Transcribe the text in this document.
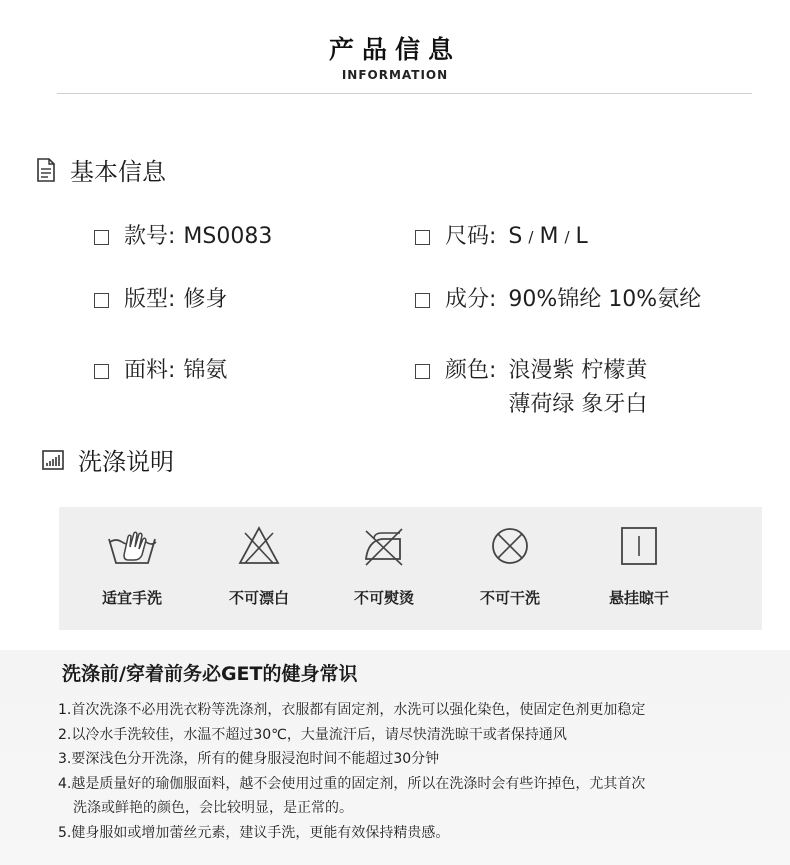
产品信息
INFORMATION
基本信息
款号: MS0083	尺码: S / M / L
版型: 修身	成分: 90%锦纶 10%氨纶
面料: 锦氨	颜色: 浪漫紫 柠檬黄
薄荷绿 象牙白
洗涤说明
适宜手洗	不可漂白	不可熨烫	不可干洗	悬挂晾干
洗涤前/穿着前务必GET的健身常识
1.首次洗涤不必用洗衣粉等洗涤剂，衣服都有固定剂，水洗可以强化染色，使固定色剂更加稳定
2.以冷水手洗较佳，水温不超过30℃，大量流汗后，请尽快清洗晾干或者保持通风
3.要深浅色分开洗涤，所有的健身服浸泡时间不能超过30分钟
4.越是质量好的瑜伽服面料，越不会使用过重的固定剂，所以在洗涤时会有些许掉色，尤其首次
洗涤或鲜艳的颜色，会比较明显，是正常的。
5.健身服如或增加蕾丝元素，建议手洗，更能有效保持精贵感。
